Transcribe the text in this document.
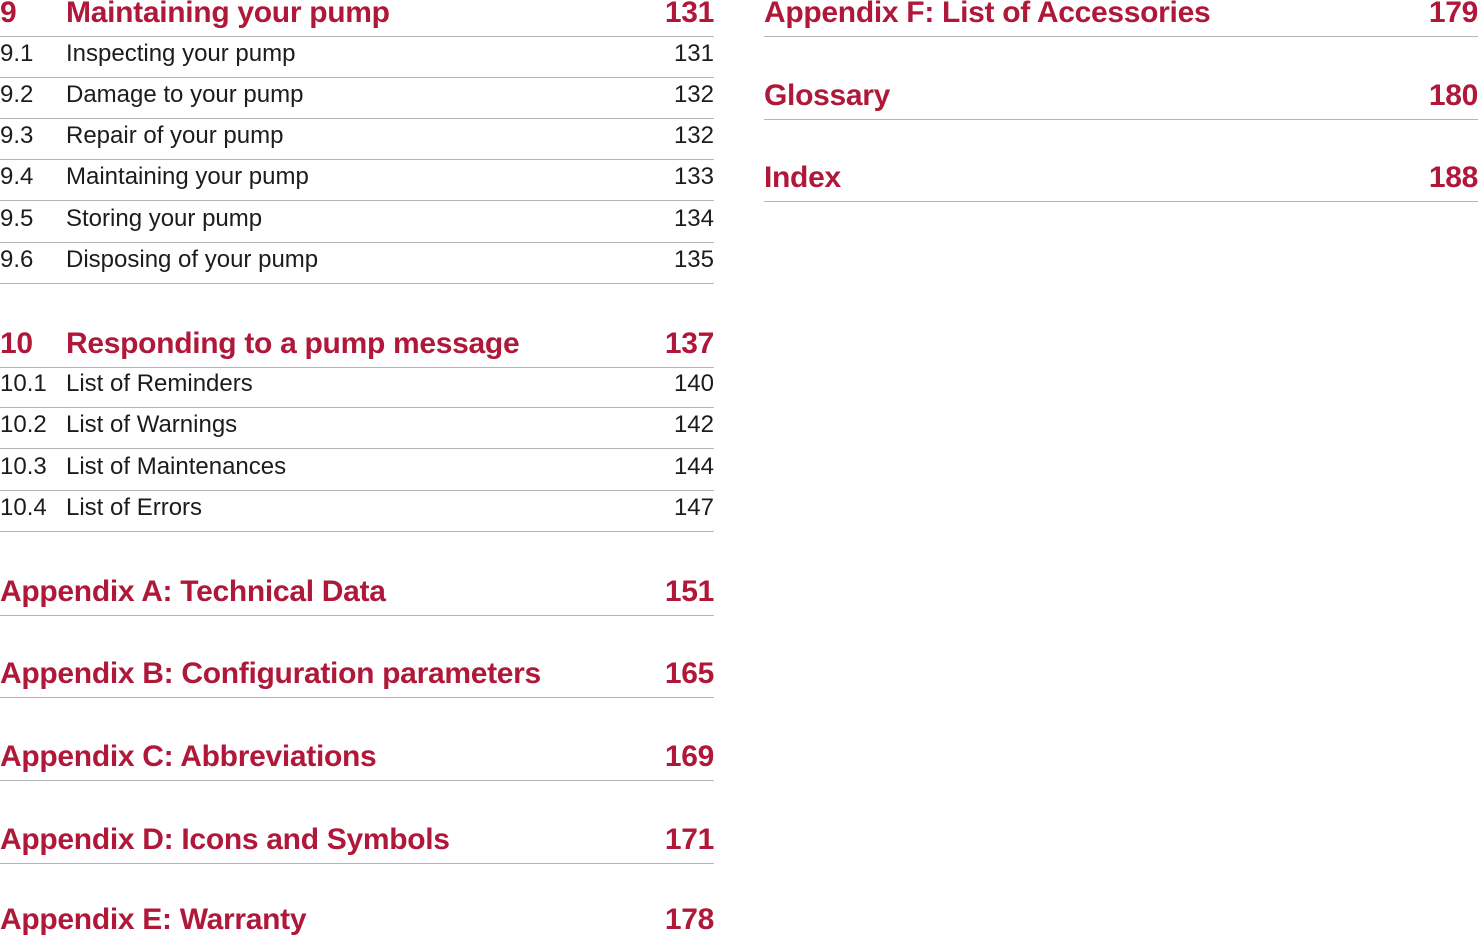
9	Maintaining your pump	131
9.1	Inspecting your pump	131
9.2	Damage to your pump	132
9.3	Repair of your pump	132
9.4	Maintaining your pump	133
9.5	Storing your pump	134
9.6	Disposing of your pump	135
10	Responding to a pump message	137
10.1 List of Reminders	140
10.2 List of Warnings	142
10.3 List of Maintenances	144
10.4 List of Errors	147
Appendix A: Technical Data	151
Appendix B: Configuration parameters	165
Appendix C: Abbreviations	169
Appendix D: Icons and Symbols	171
Appendix E: Warranty	178
Appendix F: List of Accessories	179
Glossary	180
Index	188
